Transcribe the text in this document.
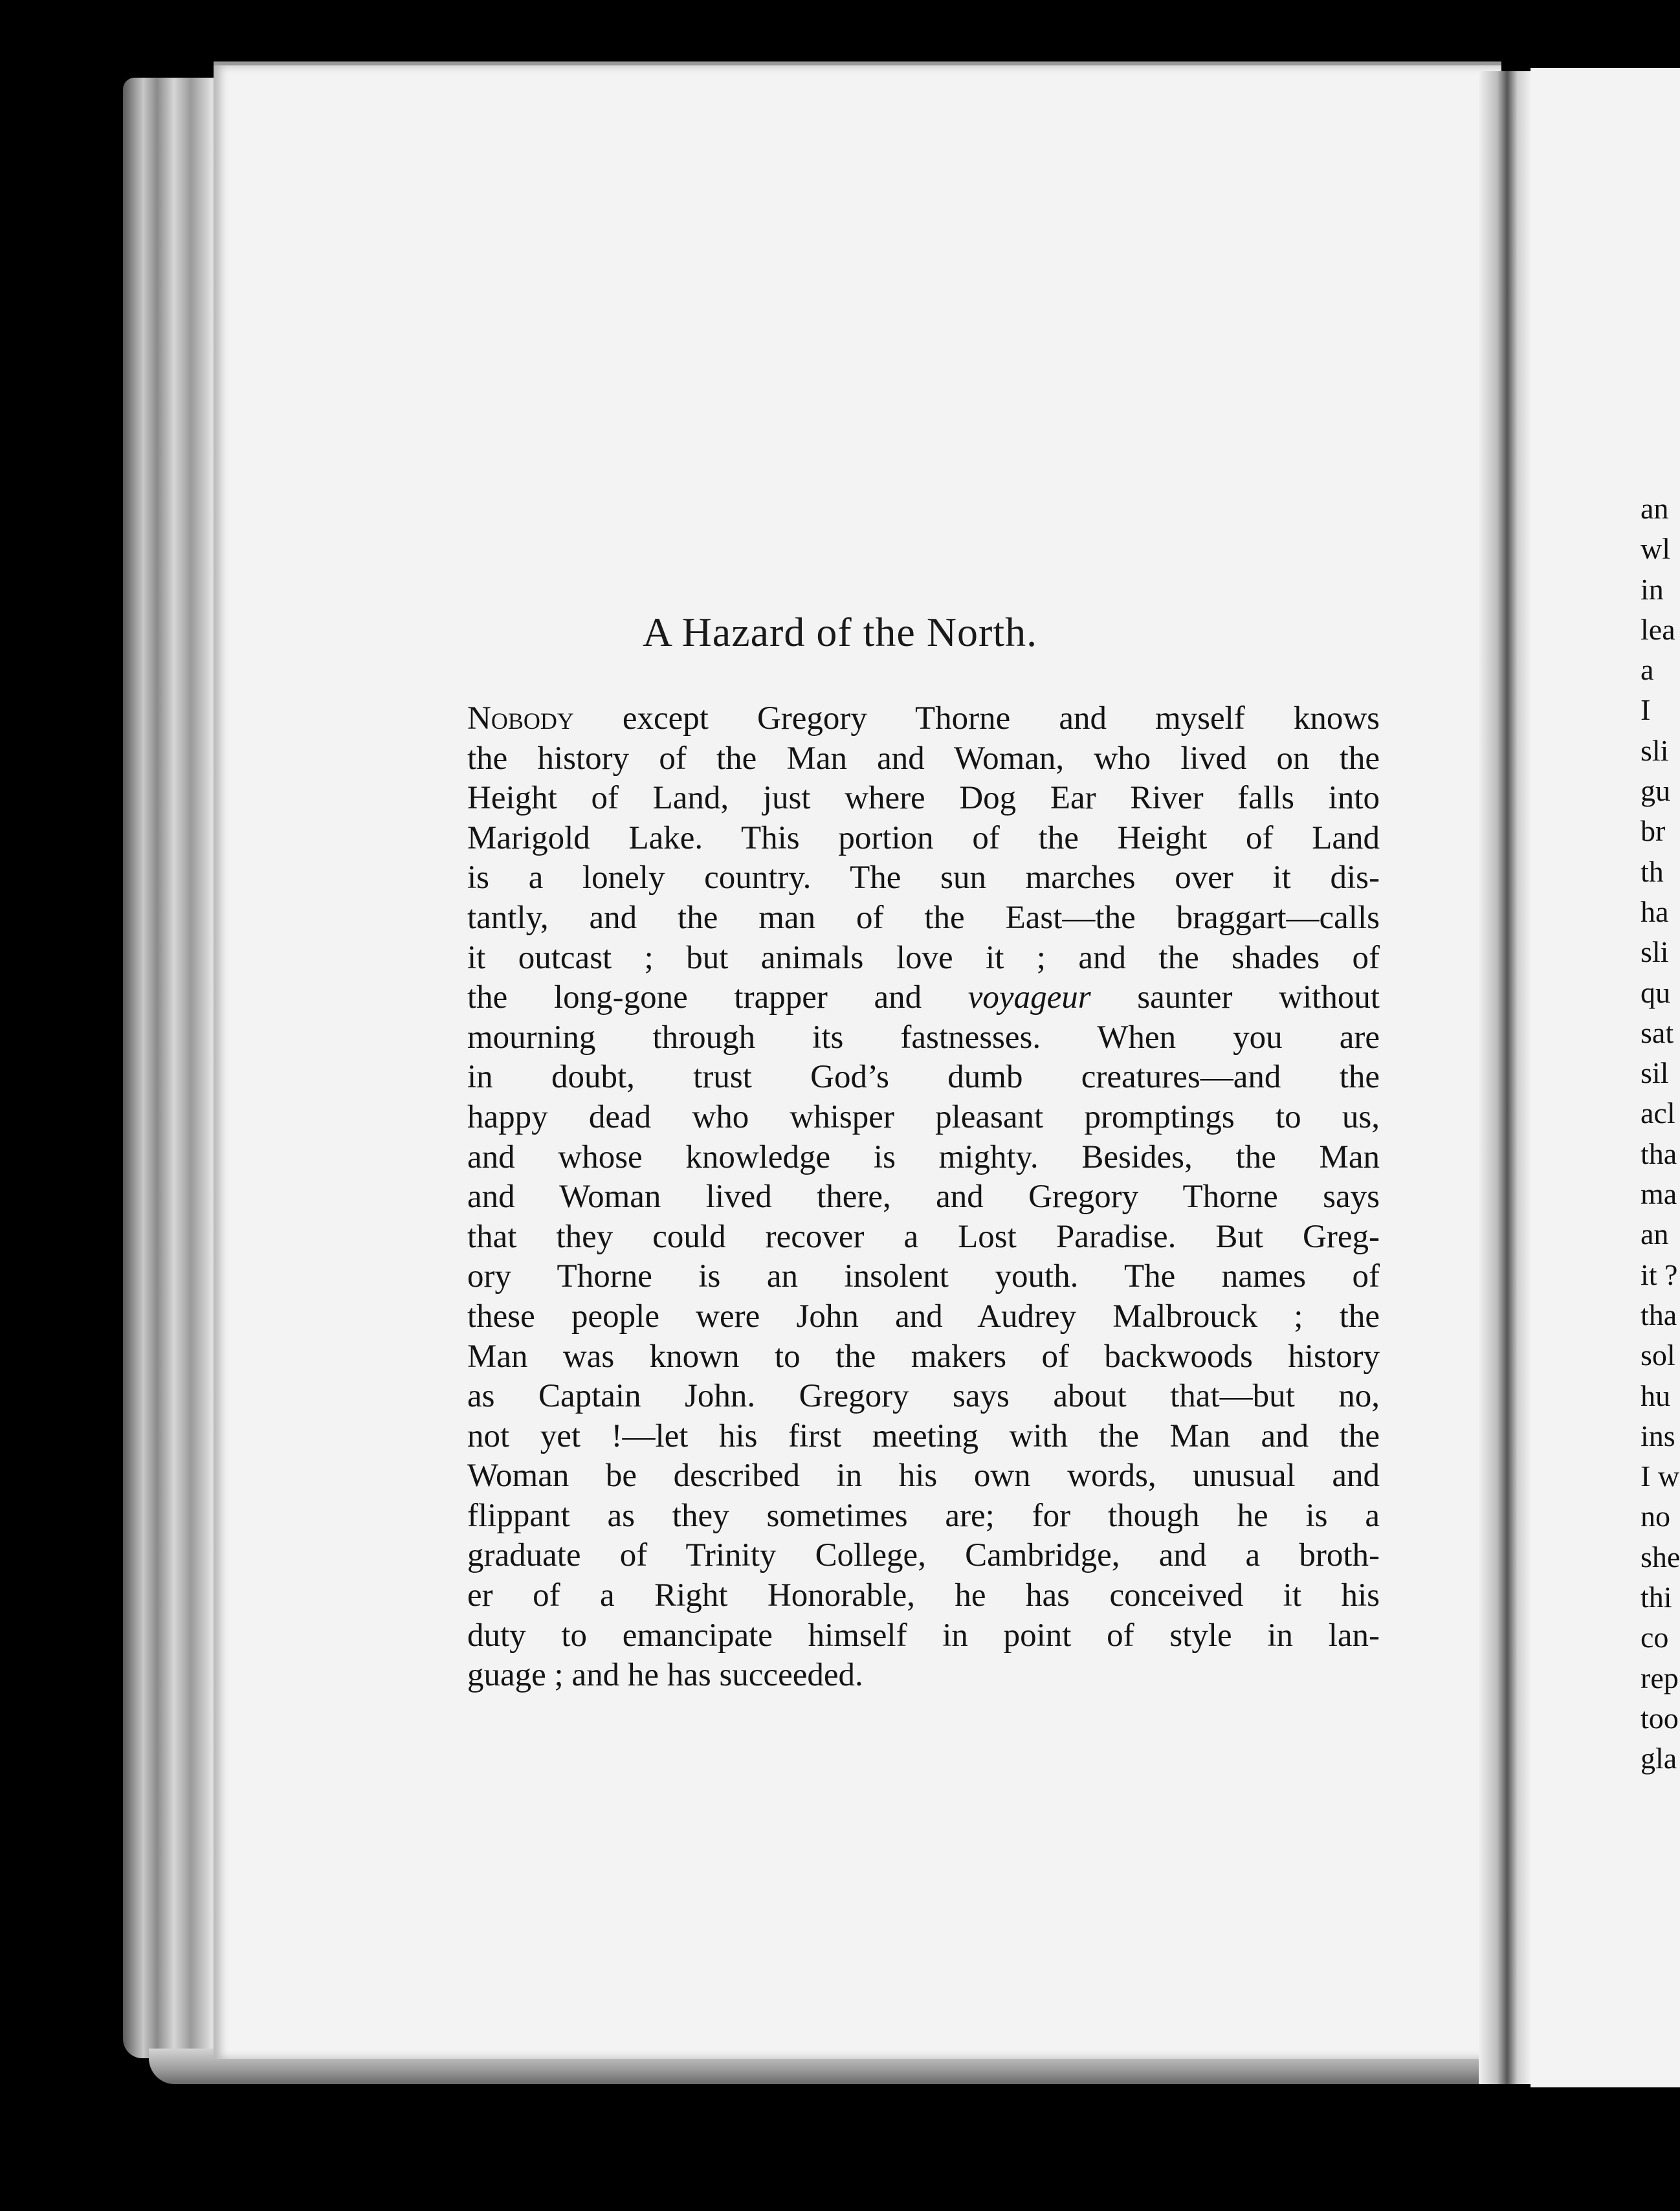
an
wl
in
lea
a
I
sli
gu
br
th
ha
sli
qu
sat
sil
acl
tha
ma
an
it ?
tha
sol
hu
ins
I w
no
she
thi
co
rep
too
gla
A Hazard of the North.
Nobody except Gregory Thorne and myself knows
the history of the Man and Woman, who lived on the
Height of Land, just where Dog Ear River falls into
Marigold Lake. This portion of the Height of Land
is a lonely country. The sun marches over it dis-
tantly, and the man of the East—the braggart—calls
it outcast ; but animals love it ; and the shades of
the long-gone trapper and voyageur saunter without
mourning through its fastnesses. When you are
in doubt, trust God’s dumb creatures—and the
happy dead who whisper pleasant promptings to us,
and whose knowledge is mighty. Besides, the Man
and Woman lived there, and Gregory Thorne says
that they could recover a Lost Paradise. But Greg-
ory Thorne is an insolent youth. The names of
these people were John and Audrey Malbrouck ; the
Man was known to the makers of backwoods history
as Captain John. Gregory says about that—but no,
not yet !—let his first meeting with the Man and the
Woman be described in his own words, unusual and
flippant as they sometimes are; for though he is a
graduate of Trinity College, Cambridge, and a broth-
er of a Right Honorable, he has conceived it his
duty to emancipate himself in point of style in lan-
guage ; and he has succeeded.
